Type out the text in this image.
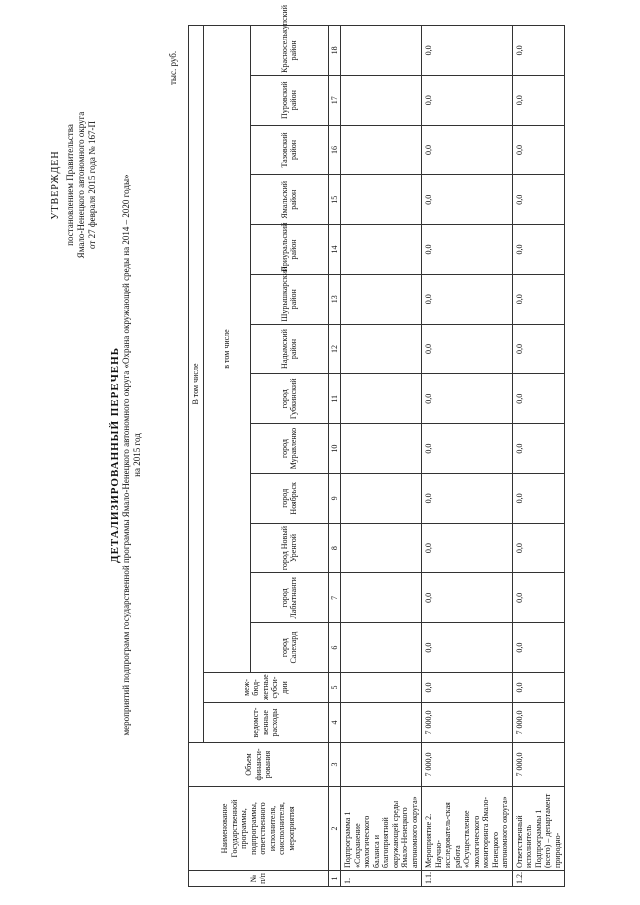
УТВЕРЖДЕН постановлением Правительства Ямало-Ненецкого автономного округа от 27 февраля 2015 года № 167-П
ДЕТАЛИЗИРОВАННЫЙ ПЕРЕЧЕНЬ мероприятий подпрограмм государственной программы Ямало-Ненецкого автономного округа «Охрана окружающей среды на 2014 – 2020 годы» на 2015 год
тыс. руб.
№ п/п	Наименование Государственной программы, подпрограммы, ответственного исполнителя, соисполнителя, мероприятия	Объем финанси-рования	В том числе														
			ведомст-венные расходы	меж-бюд-жетные субси-дии	в том числе												
					город Салехард	город Лабытнанги	город Новый Уренгой	город Ноябрьск	город Муравленко	город Губкинский	Надымский район	Шурышкарский район	Приуральский район	Ямальский район	Тазовский район	Пуровский район	Красноселькупский район
1	2	3	4	5	6	7	8	9	10	11	12	13	14	15	16	17	18
1.	Подпрограмма 1 «Сохранение экологического баланса и благоприятной окружающей среды Ямало-Ненецкого автономного округа»																
1.1.	Мероприятие 2. Научно-исследователь-ская работа «Осуществление экологического мониторинга Ямало-Ненецкого автономного округа»	7 000,0	7 000,0	0,0	0,0	0,0	0,0	0,0	0,0	0,0	0,0	0,0	0,0	0,0	0,0	0,0	0,0
1.2.	Ответственный исполнитель Подпрограммы 1 (всего) – департамент природно-	7 000,0	7 000,0	0,0	0,0	0,0	0,0	0,0	0,0	0,0	0,0	0,0	0,0	0,0	0,0	0,0	0,0
